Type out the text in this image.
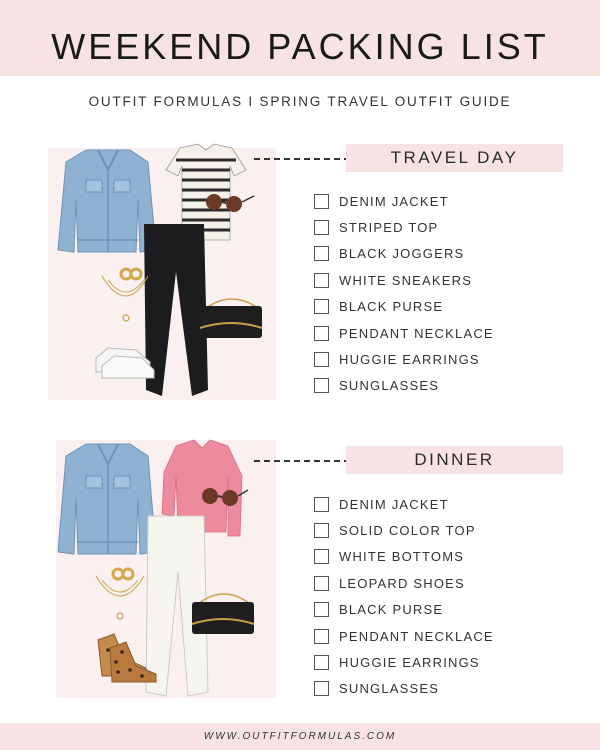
WEEKEND PACKING LIST
OUTFIT FORMULAS I SPRING TRAVEL OUTFIT GUIDE
TRAVEL DAY
DENIM JACKET
STRIPED TOP
BLACK JOGGERS
WHITE SNEAKERS
BLACK PURSE
PENDANT NECKLACE
HUGGIE EARRINGS
SUNGLASSES
DINNER
DENIM JACKET
SOLID COLOR TOP
WHITE BOTTOMS
LEOPARD SHOES
BLACK PURSE
PENDANT NECKLACE
HUGGIE EARRINGS
SUNGLASSES
WWW.OUTFITFORMULAS.COM
